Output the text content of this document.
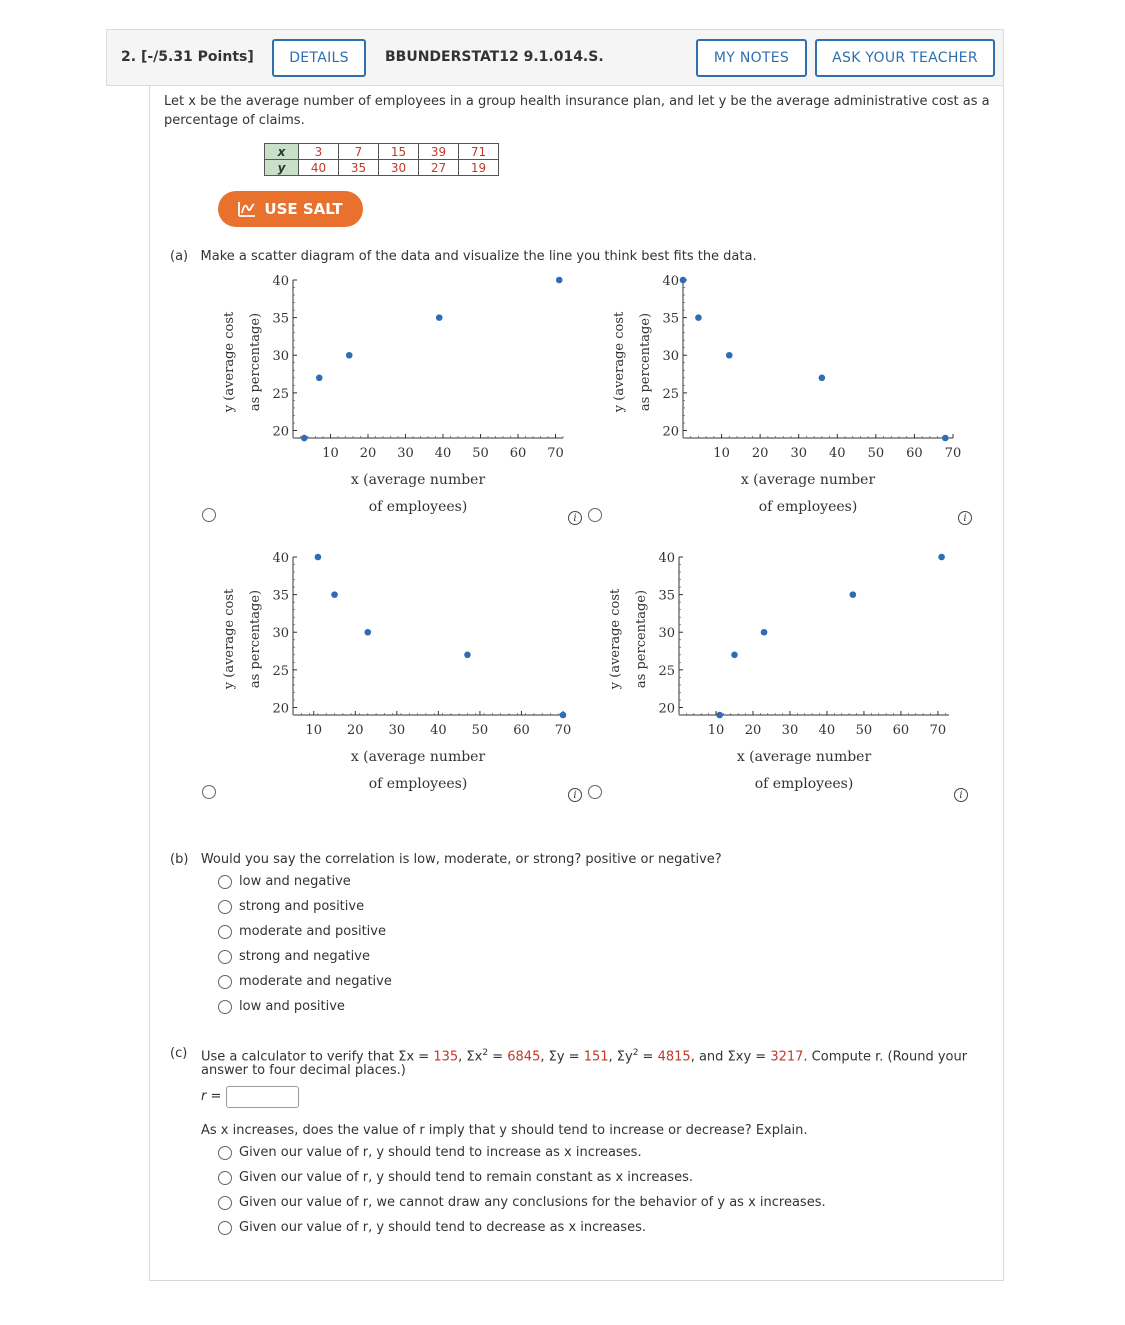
2. [-/5.31 Points]	DETAILS	BBUNDERSTAT12 9.1.014.S.	MY NOTES	ASK YOUR TEACHER
Let x be the average number of employees in a group health insurance plan, and let y be the average administrative cost as a
percentage of claims.
x	3	7	15	39	71
y	40	35	30	27	19
USE SALT
(a) Make a scatter diagram of the data and visualize the line you think best fits the data.
10 20 30 40 50 60 70
20
25
30
35
40
x (average number
of employees)
y (average cost as percentage)
10 20 30 40 50 60 70
20
25
30
35
40
x (average number
of employees)
y (average cost as percentage)
10 20 30 40 50 60 70
20
25
30
35
40
x (average number
of employees)
y (average cost as percentage)
10 20 30 40 50 60 70
20
25
30
35
40
x (average number
of employees)
y (average cost as percentage)
i	i
i	i
(b) Would you say the correlation is low, moderate, or strong? positive or negative?
low and negative
strong and positive
moderate and positive
strong and negative
moderate and negative
low and positive
(c) Use a calculator to verify that Σx = 135, $\Sigma x^2 = 6845$, Σy = 151, $\Sigma y^2 = 4815$, and Σxy = 3217. Compute r. (Round your
answer to four decimal places.)
r =
As x increases, does the value of r imply that y should tend to increase or decrease? Explain.
Given our value of r, y should tend to increase as x increases.
Given our value of r, y should tend to remain constant as x increases.
Given our value of r, we cannot draw any conclusions for the behavior of y as x increases.
Given our value of r, y should tend to decrease as x increases.
